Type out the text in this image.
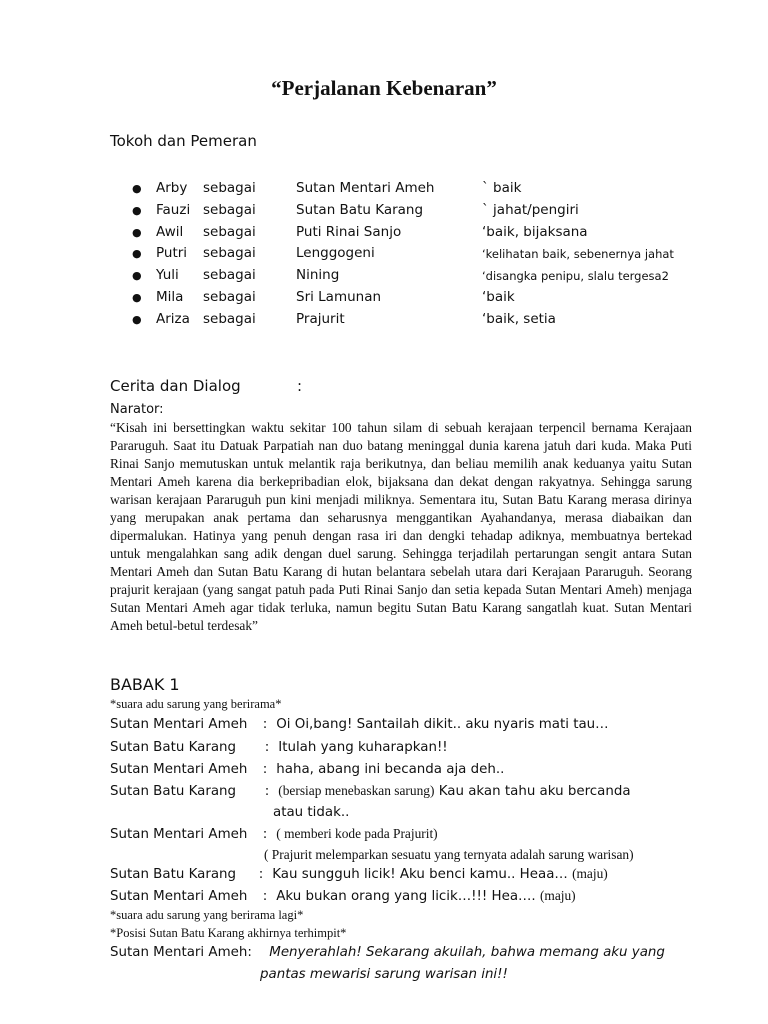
“Perjalanan Kebenaran”
Tokoh dan Pemeran
● Arby sebagai	Sutan Mentari Ameh	` baik
● Fauzi sebagai	Sutan Batu Karang	` jahat/pengiri
● Awil sebagai	Puti Rinai Sanjo	‘baik, bijaksana
● Putri sebagai	Lenggogeni	‘kelihatan baik, sebenernya jahat
● Yuli sebagai	Nining	‘disangka penipu, slalu tergesa2
● Mila sebagai	Sri Lamunan	‘baik
● Ariza sebagai	Prajurit	‘baik, setia
Cerita dan Dialog	:
Narator:

“Kisah ini bersettingkan waktu sekitar 100 tahun silam di sebuah kerajaan terpencil bernama Kerajaan Pararuguh. Saat itu Datuak Parpatiah nan duo batang meninggal dunia karena jatuh dari kuda. Maka Puti Rinai Sanjo memutuskan untuk melantik raja berikutnya, dan beliau memilih anak keduanya yaitu Sutan Mentari Ameh karena dia berkepribadian elok, bijaksana dan dekat dengan rakyatnya. Sehingga sarung warisan kerajaan Pararuguh pun kini menjadi miliknya. Sementara itu, Sutan Batu Karang merasa dirinya yang merupakan anak pertama dan seharusnya menggantikan Ayahandanya, merasa diabaikan dan dipermalukan. Hatinya yang penuh dengan rasa iri dan dengki tehadap adiknya, membuatnya bertekad untuk mengalahkan sang adik dengan duel sarung. Sehingga terjadilah pertarungan sengit antara Sutan Mentari Ameh dan Sutan Batu Karang di hutan belantara sebelah utara dari Kerajaan Pararuguh. Seorang prajurit kerajaan (yang sangat patuh pada Puti Rinai Sanjo dan setia kepada Sutan Mentari Ameh) menjaga Sutan Mentari Ameh agar tidak terluka, namun begitu Sutan Batu Karang sangatlah kuat. Sutan Mentari Ameh betul-betul terdesak”

BABAK 1
*suara adu sarung yang berirama*
Sutan Mentari Ameh : Oi Oi,bang! Santailah dikit.. aku nyaris mati tau…
Sutan Batu Karang : Itulah yang kuharapkan!!
Sutan Mentari Ameh : haha, abang ini becanda aja deh..
Sutan Batu Karang : (bersiap menebaskan sarung) Kau akan tahu aku bercanda
atau tidak..
Sutan Mentari Ameh : ( memberi kode pada Prajurit)
( Prajurit melemparkan sesuatu yang ternyata adalah sarung warisan)
Sutan Batu Karang : Kau sungguh licik! Aku benci kamu.. Heaa… (maju)
Sutan Mentari Ameh : Aku bukan orang yang licik…!!! Hea…. (maju)
*suara adu sarung yang berirama lagi*
*Posisi Sutan Batu Karang akhirnya terhimpit*
Sutan Mentari Ameh: Menyerahlah! Sekarang akuilah, bahwa memang aku yang
pantas mewarisi sarung warisan ini!!
